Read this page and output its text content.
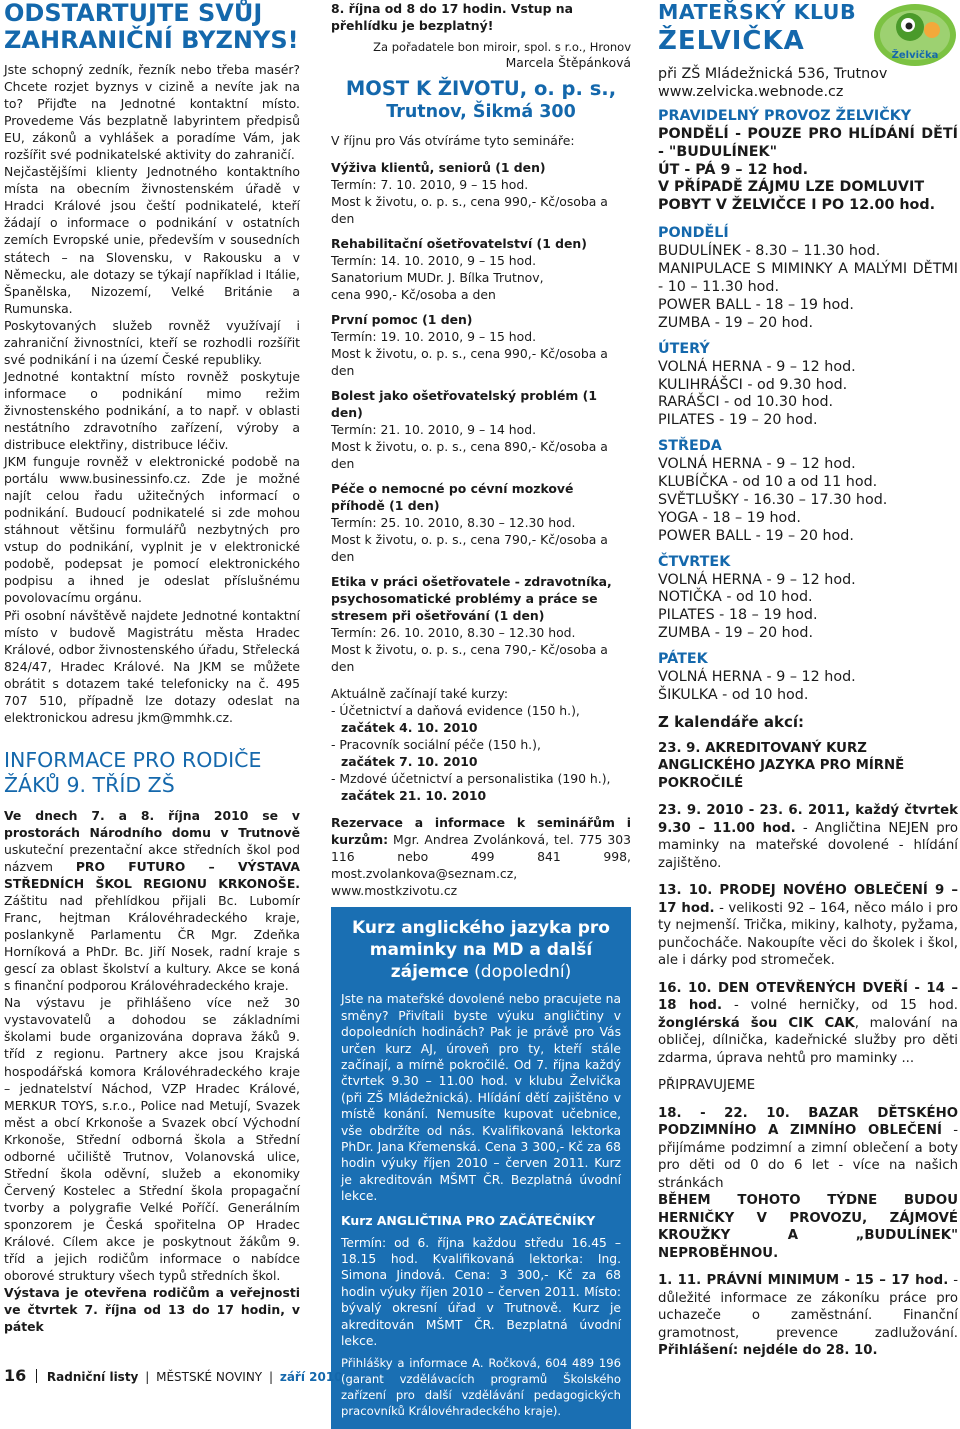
ODSTARTUJTE SVŮJ ZAHRANIČNÍ BYZNYS!

Jste schopný zedník, řezník nebo třeba masér? Chcete rozjet byznys v cizině a nevíte jak na to? Přijďte na Jednotné kontaktní místo. Provedeme Vás bezplatně labyrintem předpisů EU, zákonů a vyhlášek a poradíme Vám, jak rozšířit své podnikatelské aktivity do zahraničí.

Nejčastějšími klienty Jednotného kontaktního místa na obecním živnostenském úřadě v Hradci Králové jsou čeští podnikatelé, kteří žádají o informace o podnikání v ostatních zemích Evropské unie, především v sousedních státech – na Slovensku, v Rakousku a v Německu, ale dotazy se týkají například i Itálie, Španělska, Nizozemí, Velké Británie a Rumunska.

Poskytovaných služeb rovněž využívají i zahraniční živnostníci, kteří se rozhodli rozšířit své podnikání i na území České republiky.

Jednotné kontaktní místo rovněž poskytuje informace o podnikání mimo režim živnostenského podnikání, a to např. v oblasti nestátního zdravotního zařízení, výroby a distribuce elektřiny, distribuce léčiv.

JKM funguje rovněž v elektronické podobě na portálu www.businessinfo.cz. Zde je možné najít celou řadu užitečných informací o podnikání. Budoucí podnikatelé si zde mohou stáhnout většinu formulářů nezbytných pro vstup do podnikání, vyplnit je v elektronické podobě, podepsat je pomocí elektronického podpisu a ihned je odeslat příslušnému povolovacímu orgánu.

Při osobní návštěvě najdete Jednotné kontaktní místo v budově Magistrátu města Hradec Králové, odbor živnostenského úřadu, Střelecká 824/47, Hradec Králové. Na JKM se můžete obrátit s dotazem také telefonicky na č. 495 707 510, případně lze dotazy odeslat na elektronickou adresu jkm@mmhk.cz.

INFORMACE PRO RODIČE ŽÁKŮ 9. TŘÍD ZŠ

Ve dnech 7. a 8. října 2010 se v prostorách Národního domu v Trutnově uskuteční prezentační akce středních škol pod názvem PRO FUTURO – VÝSTAVA STŘEDNÍCH ŠKOL REGIONU KRKONOŠE. Záštitu nad přehlídkou přijali Bc. Lubomír Franc, hejtman Královéhradeckého kraje, poslankyně Parlamentu ČR Mgr. Zdeňka Horníková a PhDr. Bc. Jiří Nosek, radní kraje s gescí za oblast školství a kultury. Akce se koná s finanční podporou Královéhradeckého kraje.

Na výstavu je přihlášeno více než 30 vystavovatelů a dohodou se základními školami bude organizována doprava žáků 9. tříd z regionu. Partnery akce jsou Krajská hospodářská komora Královéhradeckého kraje – jednatelství Náchod, VZP Hradec Králové, MERKUR TOYS, s.r.o., Police nad Metují, Svazek měst a obcí Krkonoše a Svazek obcí Východní Krkonoše, Střední odborná škola a Střední odborné učiliště Trutnov, Volanovská ulice, Střední škola oděvní, služeb a ekonomiky Červený Kostelec a Střední škola propagační tvorby a polygrafie Velké Poříčí. Generálním sponzorem je Česká spořitelna OP Hradec Králové. Cílem akce je poskytnout žákům 9. tříd a jejich rodičům informace o nabídce oborové struktury všech typů středních škol.

Výstava je otevřena rodičům a veřejnosti ve čtvrtek 7. října od 13 do 17 hodin, v pátek

8. října od 8 do 17 hodin. Vstup na přehlídku je bezplatný!

Za pořadatele bon miroir, spol. s r.o., Hronov
Marcela Štěpánková
MOST K ŽIVOTU, o. p. s.,
Trutnov, Šikmá 300
V říjnu pro Vás otvíráme tyto semináře:
Výživa klientů, seniorů (1 den)
Termín: 7. 10. 2010, 9 – 15 hod.
Most k životu, o. p. s., cena 990,- Kč/osoba a den
Rehabilitační ošetřovatelství (1 den)
Termín: 14. 10. 2010, 9 – 15 hod.
Sanatorium MUDr. J. Bílka Trutnov,
cena 990,- Kč/osoba a den
První pomoc (1 den)
Termín: 19. 10. 2010, 9 – 15 hod.
Most k životu, o. p. s., cena 990,- Kč/osoba a den
Bolest jako ošetřovatelský problém (1 den)
Termín: 21. 10. 2010, 9 – 14 hod.
Most k životu, o. p. s., cena 890,- Kč/osoba a den
Péče o nemocné po cévní mozkové příhodě (1 den)
Termín: 25. 10. 2010, 8.30 – 12.30 hod.
Most k životu, o. p. s., cena 790,- Kč/osoba a den
Etika v práci ošetřovatele - zdravotníka, psychosomatické problémy a práce se stresem při ošetřování (1 den)
Termín: 26. 10. 2010, 8.30 – 12.30 hod.
Most k životu, o. p. s., cena 790,- Kč/osoba a den
Aktuálně začínají také kurzy:
- Účetnictví a daňová evidence (150 h.),
začátek 4. 10. 2010
- Pracovník sociální péče (150 h.),
začátek 7. 10. 2010
- Mzdové účetnictví a personalistika (190 h.),
začátek 21. 10. 2010

Rezervace a informace k seminářům i kurzům: Mgr. Andrea Zvolánková, tel. 775 303 116 nebo 499 841 998, most.zvolankova@seznam.cz, www.mostkzivotu.cz

Kurz anglického jazyka pro maminky na MD a další zájemce (dopolední)

Jste na mateřské dovolené nebo pracujete na směny? Přivítali byste výuku angličtiny v dopoledních hodinách? Pak je právě pro Vás určen kurz AJ, úroveň pro ty, kteří stále začínají, a mírně pokročilé. Od 7. října každý čtvrtek 9.30 – 11.00 hod. v klubu Želvička (při ZŠ Mládežnická). Hlídání dětí zajištěno v místě konání. Nemusíte kupovat učebnice, vše obdržíte od nás. Kvalifikovaná lektorka PhDr. Jana Křemenská. Cena 3 300,- Kč za 68 hodin výuky říjen 2010 – červen 2011. Kurz je akreditován MŠMT ČR. Bezplatná úvodní lekce.

Kurz ANGLIČTINA PRO ZAČÁTEČNÍKY

Termín: od 6. října každou středu 16.45 – 18.15 hod. Kvalifikovaná lektorka: Ing. Simona Jindová. Cena: 3 300,- Kč za 68 hodin výuky říjen 2010 – červen 2011. Místo: bývalý okresní úřad v Trutnově. Kurz je akreditován MŠMT ČR. Bezplatná úvodní lekce.

Přihlášky a informace A. Ročková, 604 489 196 (garant vzdělávacích programů Školského zařízení pro další vzdělávání pedagogických pracovníků Královéhradeckého kraje).

MATEŘSKÝ KLUB
ŽELVIČKA
při ZŠ Mládežnická 536, Trutnov
www.zelvicka.webnode.cz
PRAVIDELNÝ PROVOZ ŽELVIČKY
PONDĚLÍ - POUZE PRO HLÍDÁNÍ DĚTÍ - "BUDULÍNEK"
ÚT - PÁ 9 – 12 hod.
V PŘÍPADĚ ZÁJMU LZE DOMLUVIT POBYT V ŽELVIČCE I PO 12.00 hod.
PONDĚLÍ
BUDULÍNEK - 8.30 – 11.30 hod.
MANIPULACE S MIMINKY A MALÝMI DĚTMI - 10 – 11.30 hod.
POWER BALL - 18 – 19 hod.
ZUMBA - 19 – 20 hod.
ÚTERÝ
VOLNÁ HERNA - 9 – 12 hod.
KULIHRÁŠCI - od 9.30 hod.
RARÁŠCI - od 10.30 hod.
PILATES - 19 – 20 hod.
STŘEDA
VOLNÁ HERNA - 9 – 12 hod.
KLUBÍČKA - od 10 a od 11 hod.
SVĚTLUŠKY - 16.30 – 17.30 hod.
YOGA - 18 – 19 hod.
POWER BALL - 19 – 20 hod.
ČTVRTEK
VOLNÁ HERNA - 9 – 12 hod.
NOTIČKA - od 10 hod.
PILATES - 18 – 19 hod.
ZUMBA - 19 – 20 hod.
PÁTEK
VOLNÁ HERNA - 9 – 12 hod.
ŠIKULKA - od 10 hod.
Z kalendáře akcí:
23. 9. AKREDITOVANÝ KURZ ANGLICKÉHO JAZYKA PRO MÍRNĚ POKROČILÉ

23. 9. 2010 - 23. 6. 2011, každý čtvrtek 9.30 – 11.00 hod. - Angličtina NEJEN pro maminky na mateřské dovolené - hlídání zajištěno.

13. 10. PRODEJ NOVÉHO OBLEČENÍ 9 – 17 hod. - velikosti 92 – 164, něco málo i pro ty nejmenší. Trička, mikiny, kalhoty, pyžama, punčocháče. Nakoupíte věci do školek i škol, ale i dárky pod stromeček.

16. 10. DEN OTEVŘENÝCH DVEŘÍ - 14 – 18 hod. - volné herničky, od 15 hod. žonglérská šou CIK CAK, malování na obličej, dílnička, kadeřnické služby pro děti zdarma, úprava nehtů pro maminky ...

PŘIPRAVUJEME

18. - 22. 10. BAZAR DĚTSKÉHO PODZIMNÍHO A ZIMNÍHO OBLEČENÍ - přijímáme podzimní a zimní oblečení a boty pro děti od 0 do 6 let - více na našich stránkách

BĚHEM TOHOTO TÝDNE BUDOU HERNIČKY V PROVOZU, ZÁJMOVÉ KROUŽKY A „BUDULÍNEK" NEPROBĚHNOU.

1. 11. PRÁVNÍ MINIMUM - 15 – 17 hod. - důležité informace ze zákoníku práce pro uchazeče o zaměstnání. Finanční gramotnost, prevence zadlužování. Přihlášení: nejdéle do 28. 10.

Želvička
16 Radniční listy | MĚSTSKÉ NOVINY | září 2010
